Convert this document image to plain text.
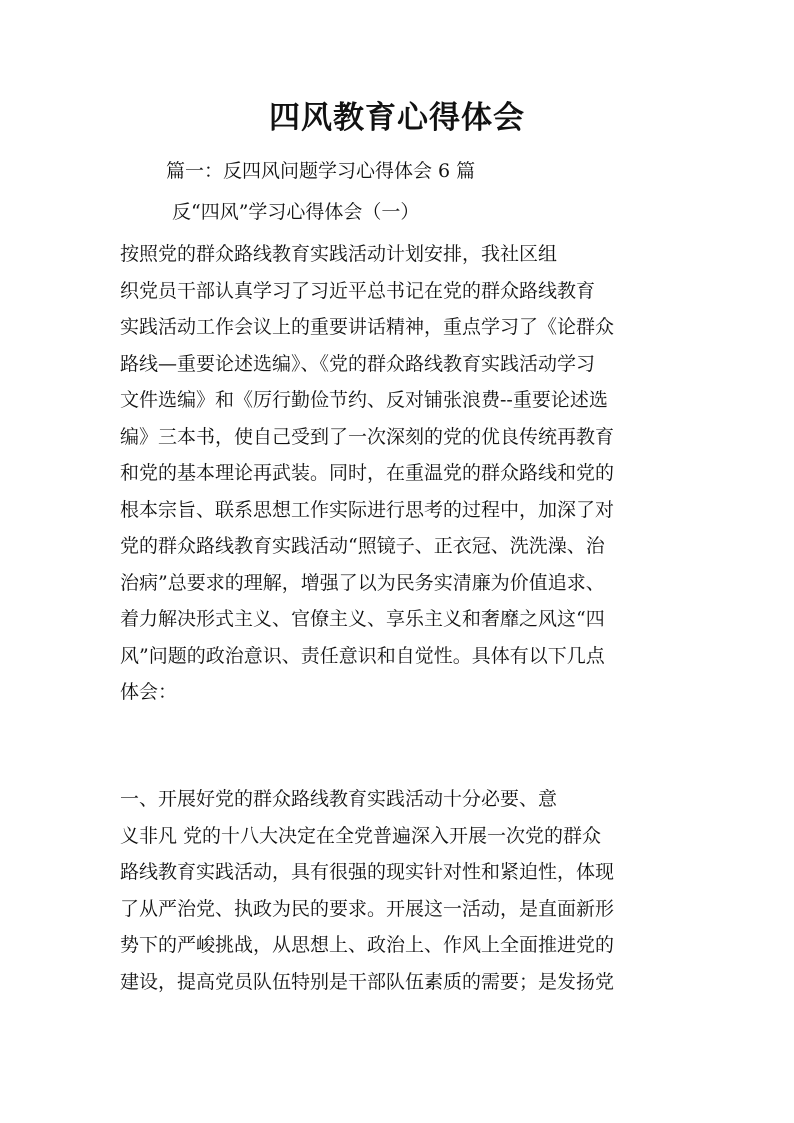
四风教育心得体会
篇一：反四风问题学习心得体会 6 篇
反“四风”学习心得体会（一）
按照党的群众路线教育实践活动计划安排，我社区组
织党员干部认真学习了习近平总书记在党的群众路线教育
实践活动工作会议上的重要讲话精神，重点学习了《论群众
路线—重要论述选编》、《党的群众路线教育实践活动学习
文件选编》和《厉行勤俭节约、反对铺张浪费--重要论述选
编》三本书，使自己受到了一次深刻的党的优良传统再教育
和党的基本理论再武装。同时，在重温党的群众路线和党的
根本宗旨、联系思想工作实际进行思考的过程中，加深了对
党的群众路线教育实践活动“照镜子、正衣冠、洗洗澡、治
治病”总要求的理解，增强了以为民务实清廉为价值追求、
着力解决形式主义、官僚主义、享乐主义和奢靡之风这“四
风”问题的政治意识、责任意识和自觉性。具体有以下几点
体会：
一、开展好党的群众路线教育实践活动十分必要、意
义非凡 党的十八大决定在全党普遍深入开展一次党的群众
路线教育实践活动，具有很强的现实针对性和紧迫性，体现
了从严治党、执政为民的要求。开展这一活动，是直面新形
势下的严峻挑战，从思想上、政治上、作风上全面推进党的
建设，提高党员队伍特别是干部队伍素质的需要；是发扬党
